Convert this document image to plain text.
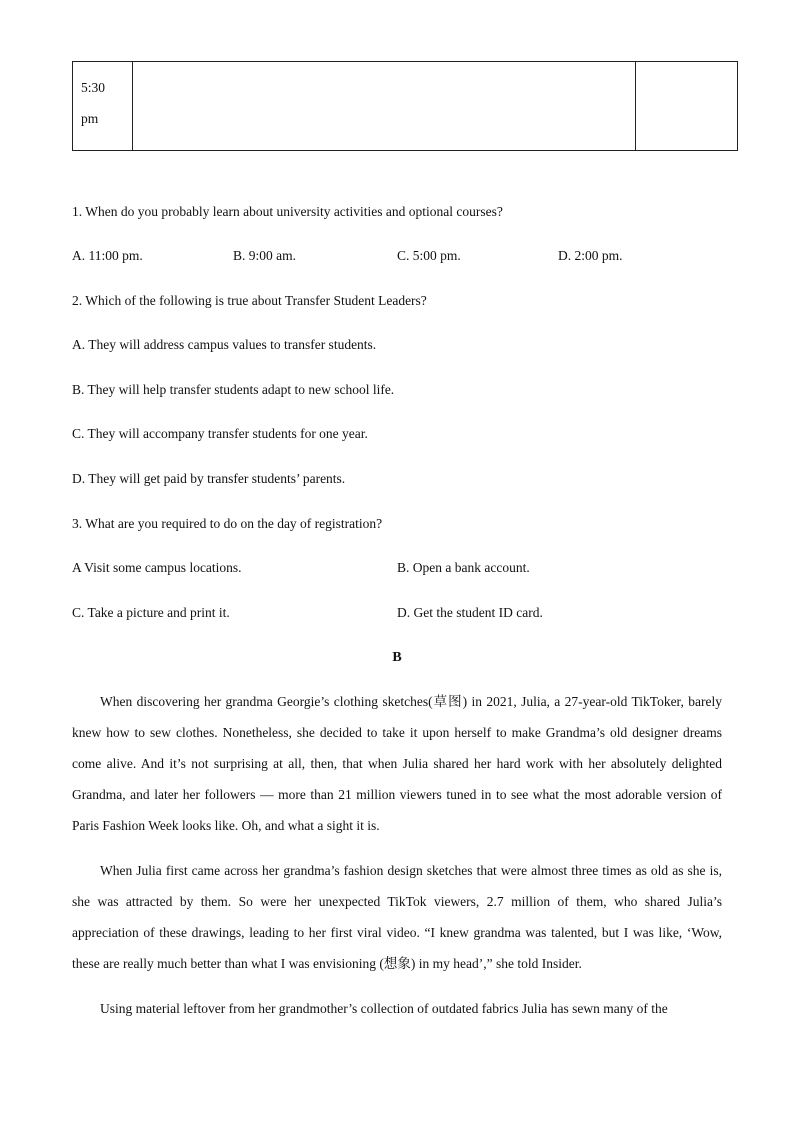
5:30
pm
1. When do you probably learn about university activities and optional courses?
A. 11:00 pm.	B. 9:00 am.	C. 5:00 pm.	D. 2:00 pm.
2. Which of the following is true about Transfer Student Leaders?
A. They will address campus values to transfer students.
B. They will help transfer students adapt to new school life.
C. They will accompany transfer students for one year.
D. They will get paid by transfer students’ parents.
3. What are you required to do on the day of registration?
A Visit some campus locations.	B. Open a bank account.
C. Take a picture and print it.	D. Get the student ID card.
B

When discovering her grandma Georgie’s clothing sketches(草图) in 2021, Julia, a 27-year-old TikToker, barely knew how to sew clothes. Nonetheless, she decided to take it upon herself to make Grandma’s old designer dreams come alive. And it’s not surprising at all, then, that when Julia shared her hard work with her absolutely delighted Grandma, and later her followers — more than 21 million viewers tuned in to see what the most adorable version of Paris Fashion Week looks like. Oh, and what a sight it is.

When Julia first came across her grandma’s fashion design sketches that were almost three times as old as she is, she was attracted by them. So were her unexpected TikTok viewers, 2.7 million of them, who shared Julia’s appreciation of these drawings, leading to her first viral video. “I knew grandma was talented, but I was like, ‘Wow, these are really much better than what I was envisioning (想象) in my head’,” she told Insider.

Using material leftover from her grandmother’s collection of outdated fabrics Julia has sewn many of the
